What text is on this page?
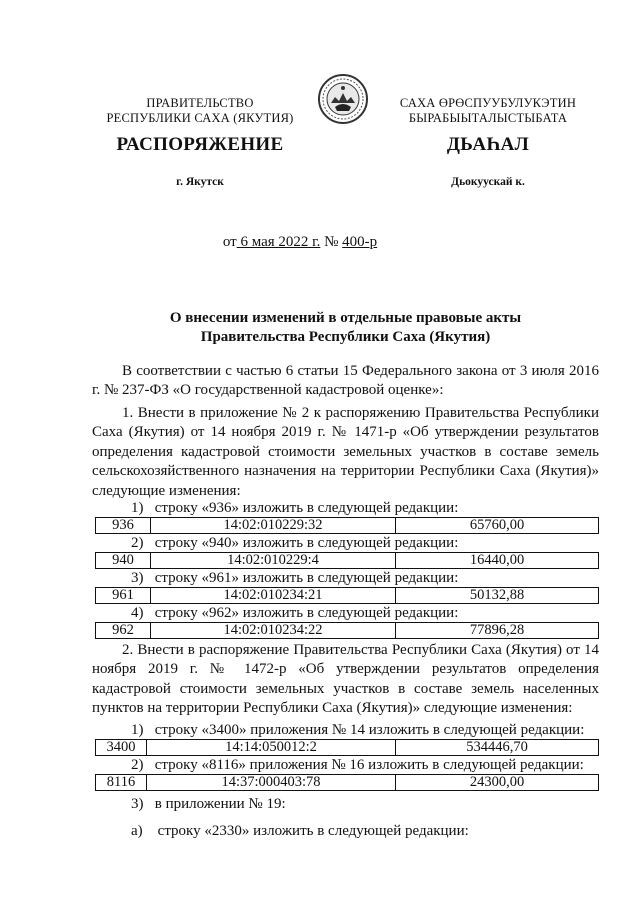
ПРАВИТЕЛЬСТВО
РЕСПУБЛИКИ САХА (ЯКУТИЯ)
САХА ӨРӨСПУУБУЛУКЭТИН
БЫРАБЫЫТАЛЫСТЫБАТА
РАСПОРЯЖЕНИЕ	ДЬАҺАЛ
г. Якутск	Дьокуускай к.
от 6 мая 2022 г. № 400-р
О внесении изменений в отдельные правовые акты
Правительства Республики Саха (Якутия)
В соответствии с частью 6 статьи 15 Федерального закона от 3 июля 2016 г. № 237-ФЗ «О государственной кадастровой оценке»:
1. Внести в приложение № 2 к распоряжению Правительства Республики Саха (Якутия) от 14 ноября 2019 г. № 1471-р «Об утверждении результатов определения кадастровой стоимости земельных участков в составе земель сельскохозяйственного назначения на территории Республики Саха (Якутия)» следующие изменения:
1) строку «936» изложить в следующей редакции:
936	14:02:010229:32	65760,00
2) строку «940» изложить в следующей редакции:
940	14:02:010229:4	16440,00
3) строку «961» изложить в следующей редакции:
961	14:02:010234:21	50132,88
4) строку «962» изложить в следующей редакции:
962	14:02:010234:22	77896,28
2. Внести в распоряжение Правительства Республики Саха (Якутия) от 14 ноября 2019 г. № 1472-р «Об утверждении результатов определения кадастровой стоимости земельных участков в составе земель населенных пунктов на территории Республики Саха (Якутия)» следующие изменения:
1) строку «3400» приложения № 14 изложить в следующей редакции:
3400	14:14:050012:2	534446,70
2) строку «8116» приложения № 16 изложить в следующей редакции:
8116	14:37:000403:78	24300,00
3) в приложении № 19:
а) строку «2330» изложить в следующей редакции:
